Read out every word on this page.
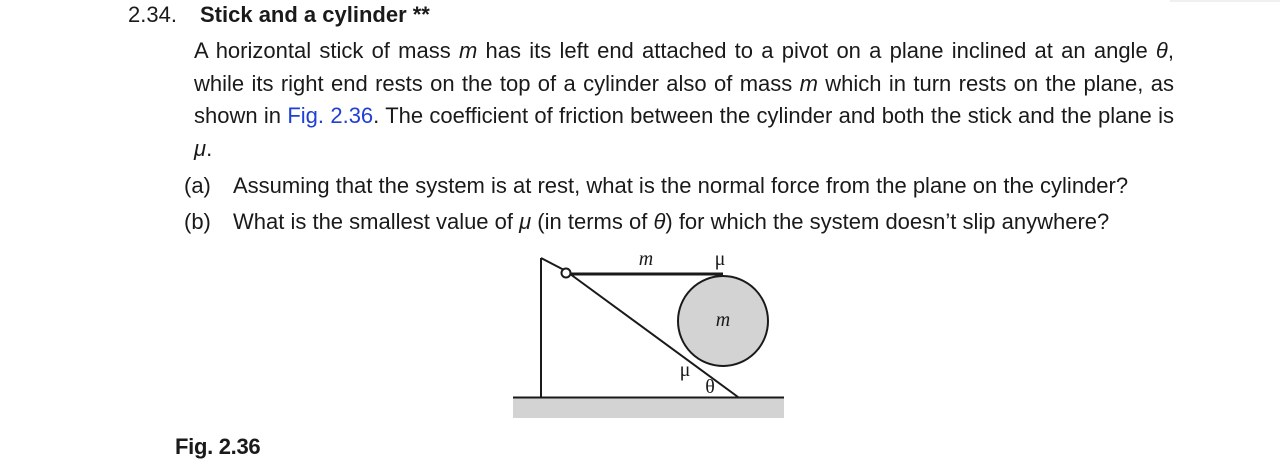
2.34. Stick and a cylinder **
A horizontal stick of mass m has its left end attached to a pivot on a plane inclined at an angle θ, while its right end rests on the top of a cylinder also of mass m which in turn rests on the plane, as shown in Fig. 2.36. The coefficient of friction between the cylinder and both the stick and the plane is μ.
(a) Assuming that the system is at rest, what is the normal force from the plane on the cylinder?
(b) What is the smallest value of μ (in terms of θ) for which the system doesn’t slip anywhere?
m	μ
m
μ
θ
Fig. 2.36
